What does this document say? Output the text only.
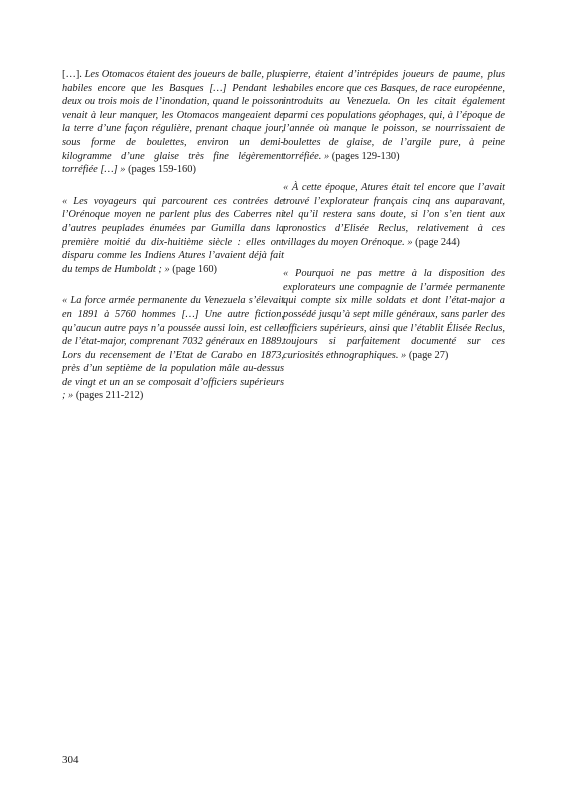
[…]. Les Otomacos étaient des joueurs de balle, plus habiles encore que les Basques […] Pendant les deux ou trois mois de l’inondation, quand le poisson venait à leur manquer, les Otomacos mangeaient de la terre d’une façon régulière, prenant chaque jour, sous forme de boulettes, environ un demi-kilogramme d’une glaise très fine légèrement torréfiée […] » (pages 159-160)

« Les voyageurs qui parcourent ces contrées de l’Orénoque moyen ne parlent plus des Caberres ni d’autres peuplades énumées par Gumilla dans la première moitié du dix-huitième siècle : elles ont disparu comme les Indiens Atures l’avaient déjà fait du temps de Humboldt ; » (page 160)

« La force armée permanente du Venezuela s’élevait en 1891 à 5760 hommes […] Une autre fiction, qu’aucun autre pays n’a poussée aussi loin, est celle de l’état-major, comprenant 7032 généraux en 1889. Lors du recensement de l’Etat de Carabo en 1873, près d’un septième de la population mâle au-dessus de vingt et un an se composait d’officiers supérieurs ; » (pages 211-212)

pierre, étaient d’intrépides joueurs de paume, plus habiles encore que ces Basques, de race européenne, introduits au Venezuela. On les citait également parmi ces populations géophages, qui, à l’époque de l’année où manque le poisson, se nourrissaient de boulettes de glaise, de l’argile pure, à peine torréfiée. » (pages 129-130)

« À cette époque, Atures était tel encore que l’avait trouvé l’explorateur français cinq ans auparavant, tel qu’il restera sans doute, si l’on s’en tient aux pronostics d’Elisée Reclus, relativement à ces villages du moyen Orénoque. » (page 244)

« Pourquoi ne pas mettre à la disposition des explorateurs une compagnie de l’armée permanente qui compte six mille soldats et dont l’état-major a possédé jusqu’à sept mille généraux, sans parler des officiers supérieurs, ainsi que l’établit Élisée Reclus, toujours si parfaitement documenté sur ces curiosités ethnographiques. » (page 27)

304
